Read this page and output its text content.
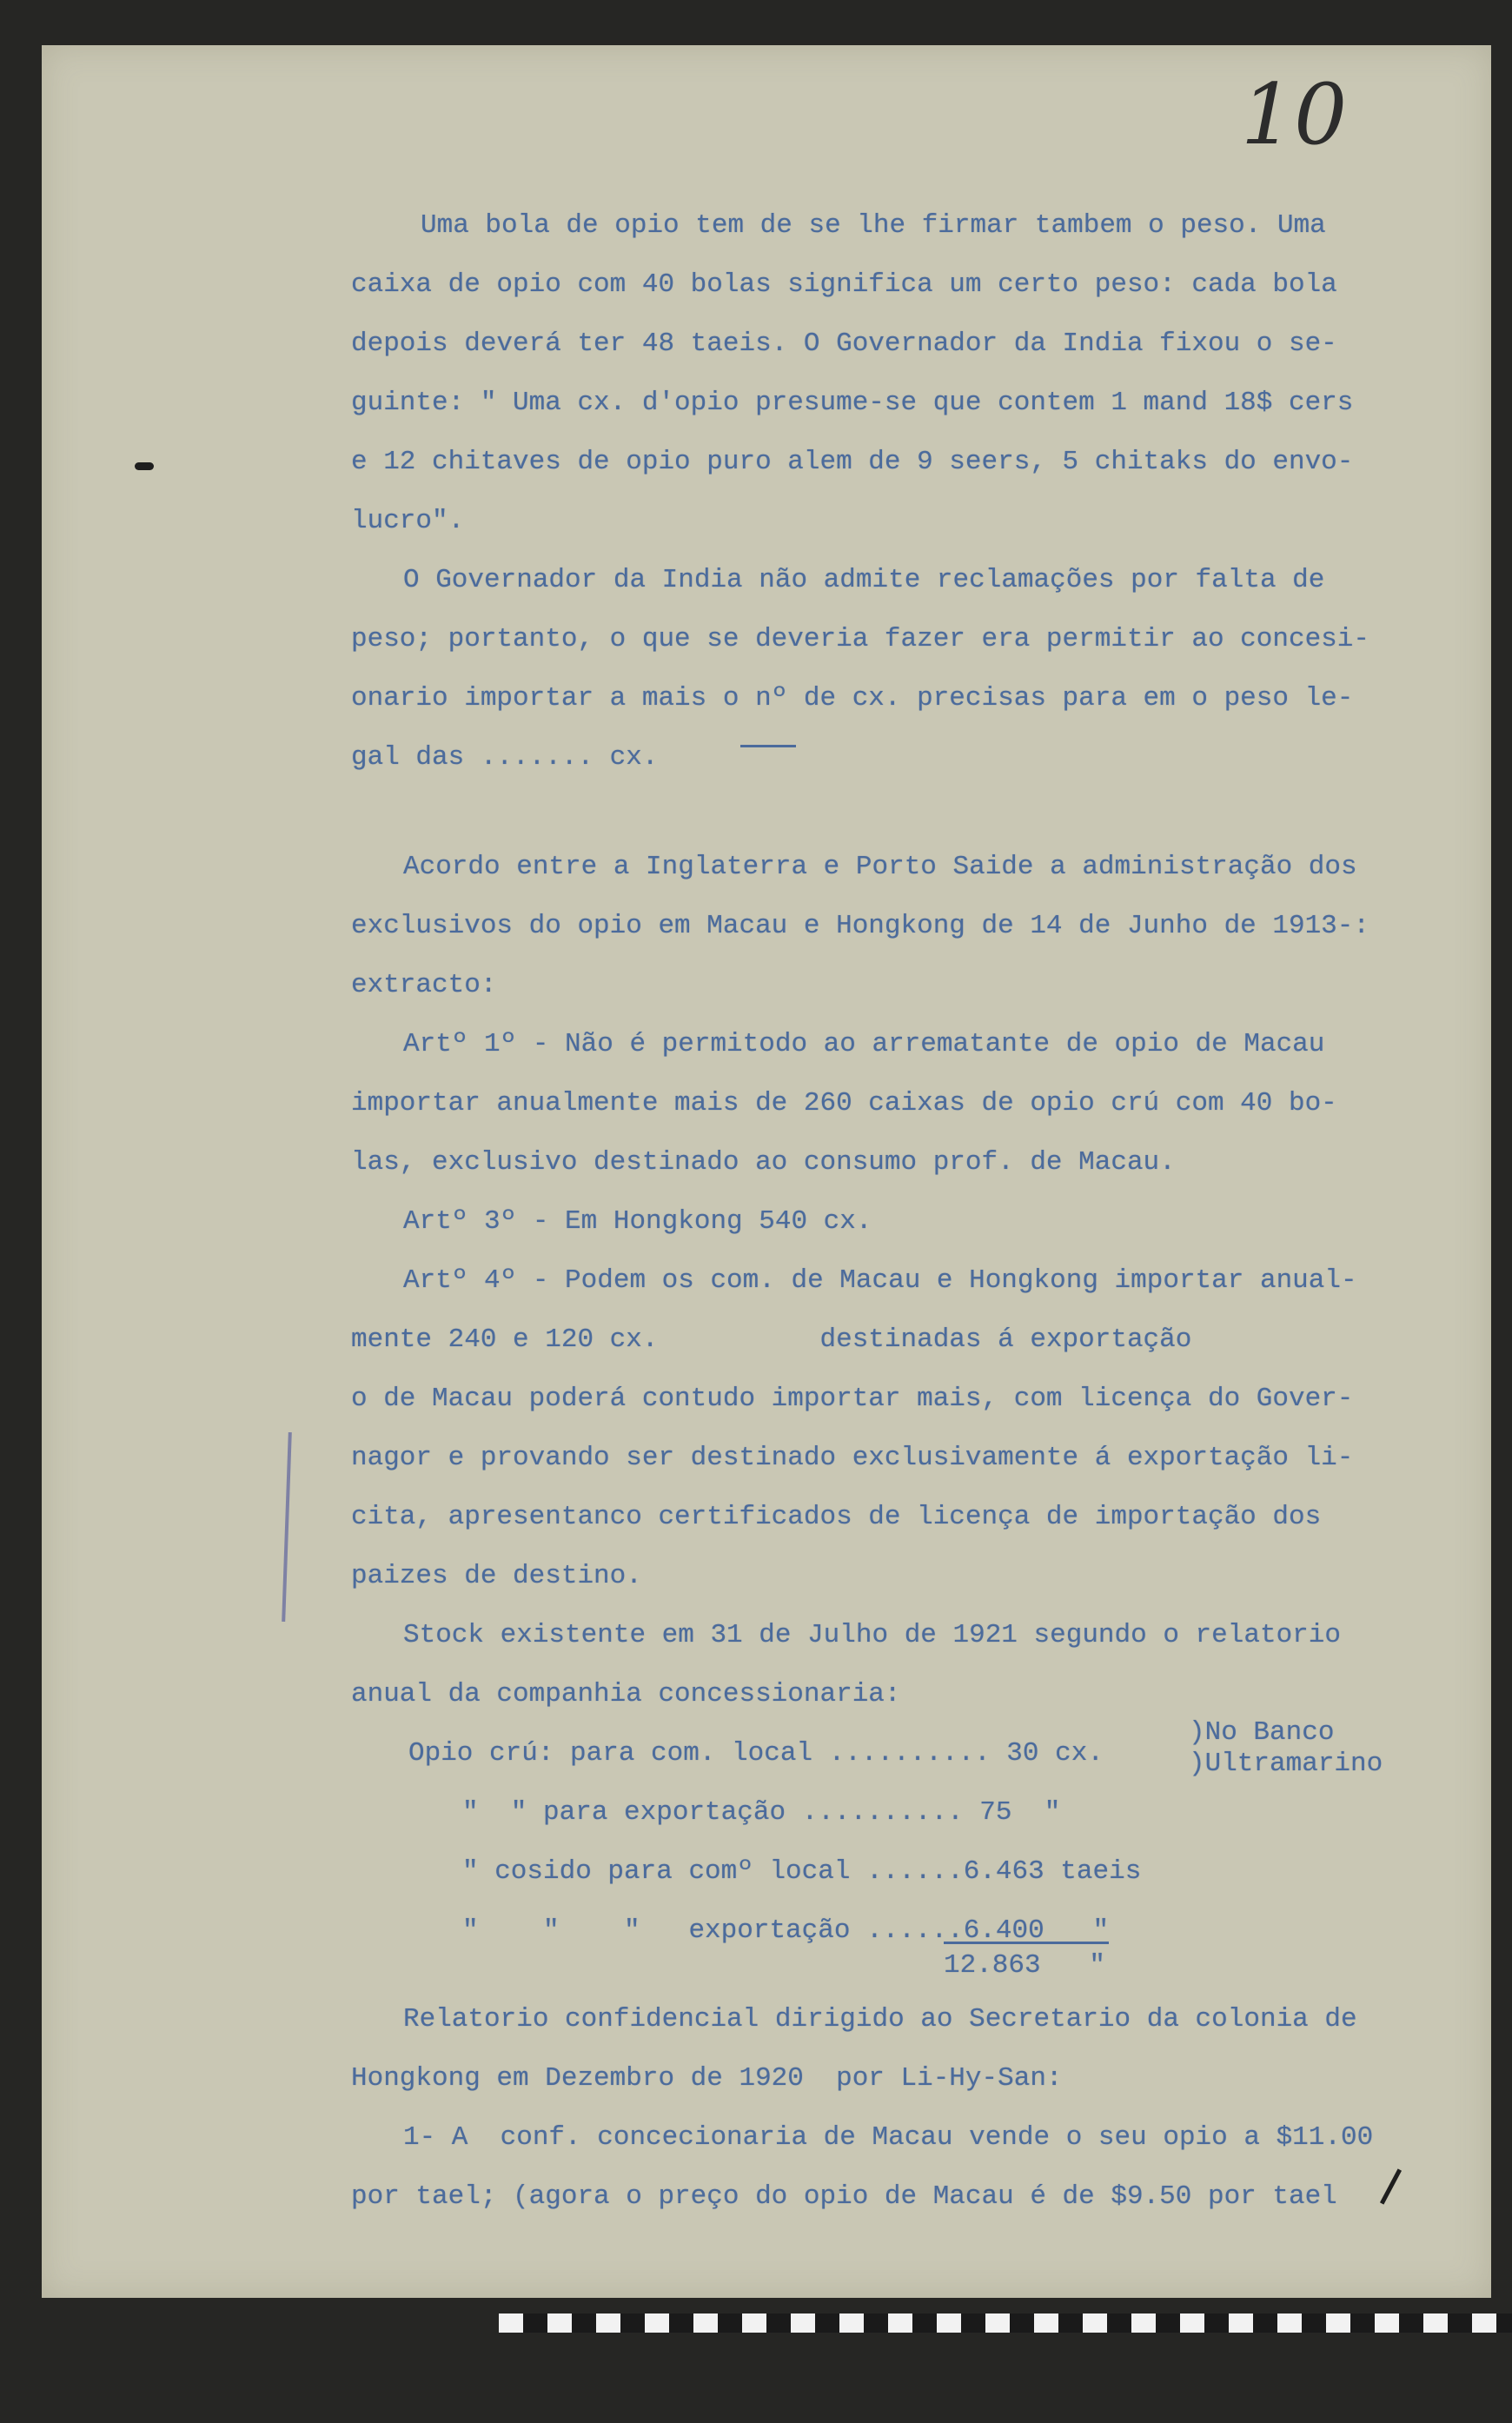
10

Uma bola de opio tem de se lhe firmar tambem o peso. Uma

caixa de opio com 40 bolas significa um certo peso: cada bola

depois deverá ter 48 taeis. O Governador da India fixou o se-

guinte: " Uma cx. d'opio presume-se que contem 1 mand 18$ cers

e 12 chitaves de opio puro alem de 9 seers, 5 chitaks do envo-

lucro".

O Governador da India não admite reclamações por falta de

peso; portanto, o que se deveria fazer era permitir ao concesi-

onario importar a mais o nº de cx. precisas para em o peso le-

gal das ....... cx.

Acordo entre a Inglaterra e Porto Saide a administração dos

exclusivos do opio em Macau e Hongkong de 14 de Junho de 1913-:

extracto:

Artº 1º - Não é permitodo ao arrematante de opio de Macau

importar anualmente mais de 260 caixas de opio crú com 40 bo-

las, exclusivo destinado ao consumo prof. de Macau.

Artº 3º - Em Hongkong 540 cx.

Artº 4º - Podem os com. de Macau e Hongkong importar anual-

mente 240 e 120 cx.          destinadas á exportação

o de Macau poderá contudo importar mais, com licença do Gover-

nagor e provando ser destinado exclusivamente á exportação li-

cita, apresentanco certificados de licença de importação dos

paizes de destino.

Stock existente em 31 de Julho de 1921 segundo o relatorio

anual da companhia concessionaria:

Opio crú: para com. local .......... 30 cx.

"  " para exportação .......... 75  "

" cosido para comº local ......6.463 taeis

"    "    "   exportação ......6.400   "

12.863   "

Relatorio confidencial dirigido ao Secretario da colonia de

Hongkong em Dezembro de 1920  por Li-Hy-San:

1- A  conf. concecionaria de Macau vende o seu opio a $11.00

por tael; (agora o preço do opio de Macau é de $9.50 por tael

)No Banco

)Ultramarino
